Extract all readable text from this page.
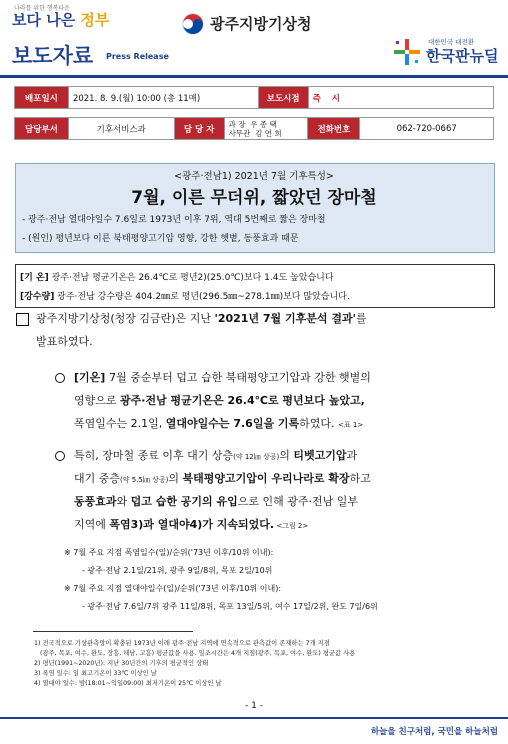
나라를 위한 행복타운
보다 나은 정부	광주지방기상청
보도자료 Press Release
대한민국 대전환
한국판뉴딜
배포일시	2021. 8. 9.(월) 10:00 (총 11매)	보도시점	즉 시
담당부서	기후서비스과	담 당 자	
과 장 우 종 택
사무관 김 연 희	전화번호	062-720-0667
<광주·전남1) 2021년 7월 기후특성>
7월, 이른 무더위, 짧았던 장마철
- 광주·전남 열대야일수 7.6일로 1973년 이후 7위, 역대 5번째로 짧은 장마철
- (원인) 평년보다 이른 북태평양고기압 영향, 강한 햇볕, 동풍효과 때문
[기 온] 광주·전남 평균기온은 26.4℃로 평년2)(25.0℃)보다 1.4도 높았습니다
[강수량] 광주·전남 강수량은 404.2㎜로 평년(296.5㎜~278.1㎜)보다 많았습니다.
광주지방기상청(청장 김금란)은 지난 '2021년 7월 기후분석 결과'를
발표하였다.
[기온] 7월 중순부터 덥고 습한 북태평양고기압과 강한 햇볕의
영향으로 광주·전남 평균기온은 26.4℃로 평년보다 높았고,
폭염일수는 2.1일, 열대야일수는 7.6일을 기록하였다. <표 1>
특히, 장마철 종료 이후 대기 상층(약 12㎞ 상공)의 티벳고기압과
대기 중층(약 5.5㎞ 상공)의 북태평양고기압이 우리나라로 확장하고
동풍효과와 덥고 습한 공기의 유입으로 인해 광주·전남 일부
지역에 폭염3)과 열대야4)가 지속되었다. <그림 2>
※ 7월 주요 지점 폭염일수(일)/순위('73년 이후/10위 이내):
- 광주·전남 2.1일/21위, 광주 9일/8위, 목포 2일/10위
※ 7월 주요 지점 열대야일수(일)/순위('73년 이후/10위 이내):
- 광주·전남 7.6일/7위 광주 11일/8위, 목포 13일/5위, 여수 17일/2위, 완도 7일/6위
1) 전국적으로 기상관측망이 확충된 1973년 이래 광주·전남 지역에 연속적으로 관측값이 존재하는 7개 지점
(광주, 목포, 여수, 완도, 장흥, 해남, 고흥) 평균값을 사용. 일조시간은 4개 지점(광주, 목포, 여수, 완도) 평균값 사용
2) 평년(1991~2020년): 지난 30년간의 기후의 평균적인 상태
3) 폭염 일수: 일 최고기온이 33℃ 이상인 날
4) 열대야 일수: 밤(18:01~익일09:00) 최저기온이 25℃ 이상인 날
- 1 -
하늘을 친구처럼, 국민을 하늘처럼
